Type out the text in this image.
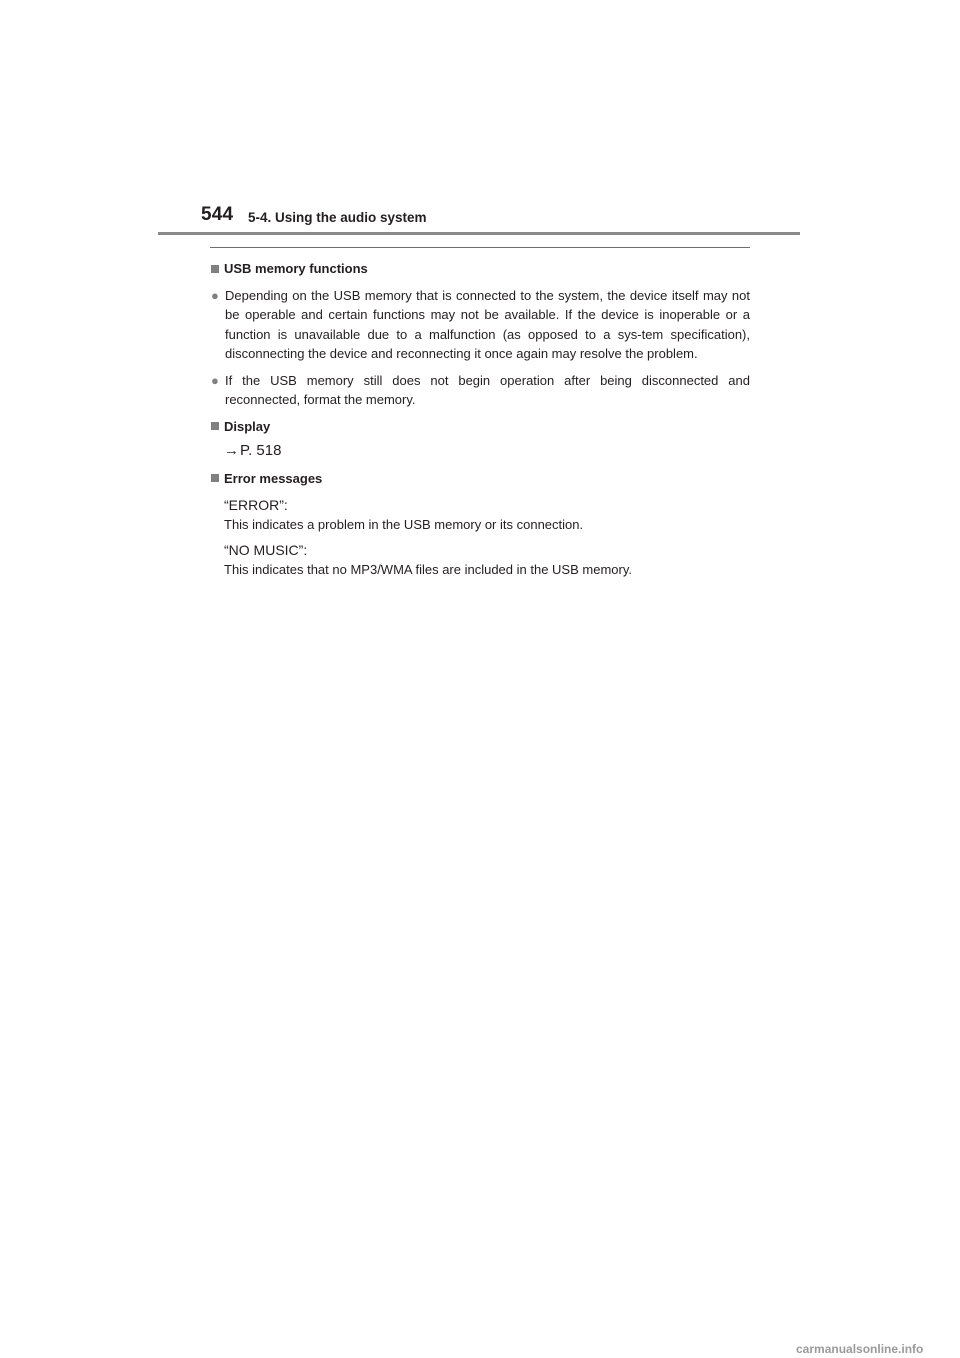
544 5-4. Using the audio system
USB memory functions
● Depending on the USB memory that is connected to the system, the device itself may not be operable and certain functions may not be available. If the device is inoperable or a function is unavailable due to a malfunction (as opposed to a sys-tem specification), disconnecting the device and reconnecting it once again may resolve the problem.
● If the USB memory still does not begin operation after being disconnected and reconnected, format the memory.
Display
→P. 518
Error messages
“ERROR”:
This indicates a problem in the USB memory or its connection.
“NO MUSIC”:
This indicates that no MP3/WMA files are included in the USB memory.
carmanualsonline.info
